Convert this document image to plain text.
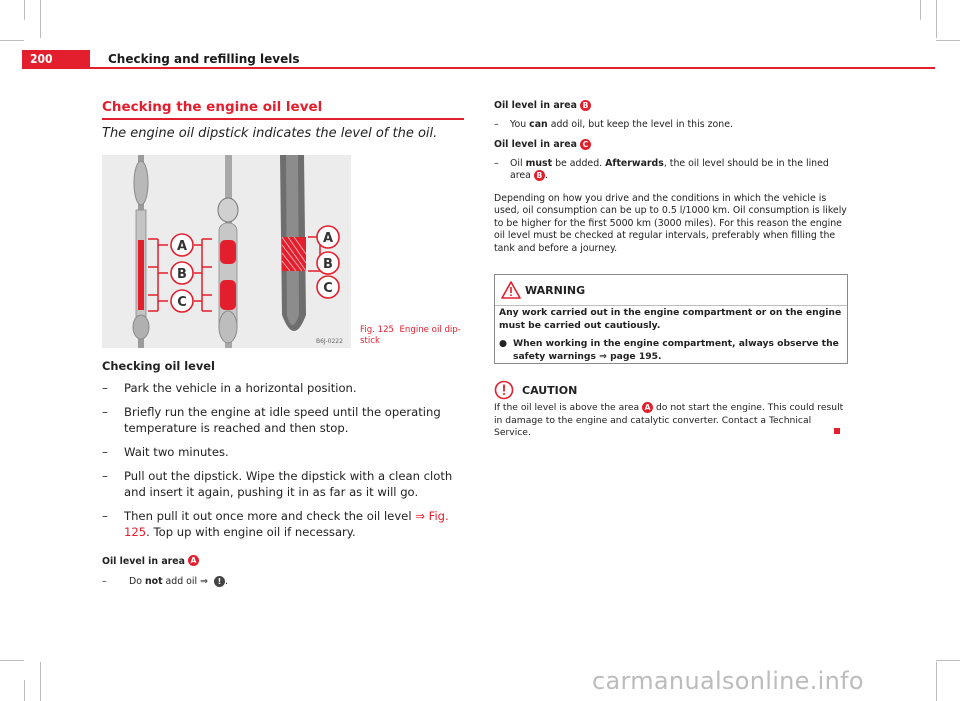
200	Checking and refilling levels
Checking the engine oil level
The engine oil dipstick indicates the level of the oil.
A
B
C
A
B
C
B6J-0222
Fig. 125 Engine oil dip-stick
Checking oil level
– Park the vehicle in a horizontal position.
– Briefly run the engine at idle speed until the operating temperature is reached and then stop.
– Wait two minutes.
– Pull out the dipstick. Wipe the dipstick with a clean cloth and insert it again, pushing it in as far as it will go.
– Then pull it out once more and check the oil level ⇒ Fig. 125. Top up with engine oil if necessary.
Oil level in area A
– Do not add oil ⇒ ! .

Oil level in area B

– You can add oil, but keep the level in this zone.

Oil level in area C

– Oil must be added. Afterwards, the oil level should be in the lined area B .

Depending on how you drive and the conditions in which the vehicle is used, oil consumption can be up to 0.5 l/1000 km. Oil consumption is likely to be higher for the first 5000 km (3000 miles). For this reason the engine oil level must be checked at regular intervals, preferably when filling the tank and before a journey.

WARNING
Any work carried out in the engine compartment or on the engine must be carried out cautiously.
● When working in the engine compartment, always observe the safety warnings ⇒ page 195.
CAUTION
If the oil level is above the area A do not start the engine. This could result in damage to the engine and catalytic converter. Contact a Technical Service.
carmanualsonline.info
